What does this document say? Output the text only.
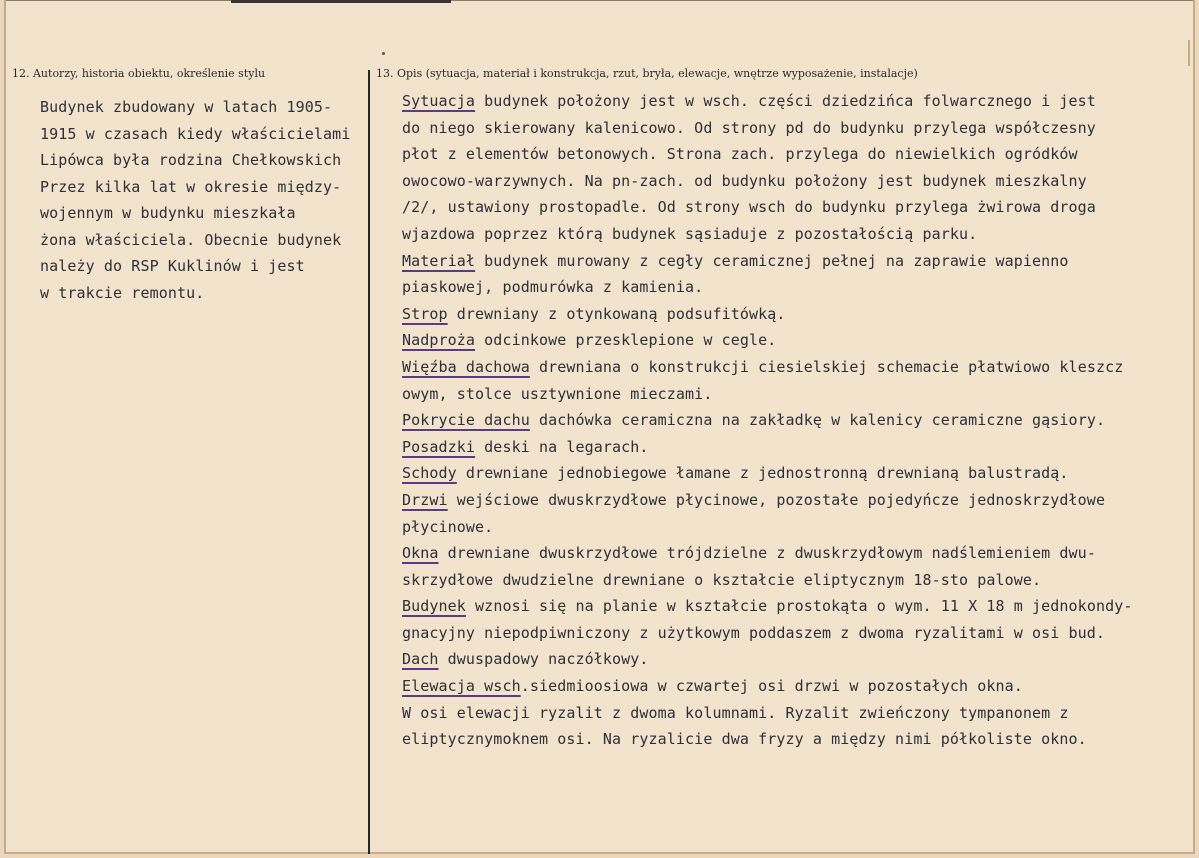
12. Autorzy, historia obiektu, określenie stylu	13. Opis (sytuacja, materiał i konstrukcja, rzut, bryła, elewacje, wnętrze wyposażenie, instalacje)
Budynek zbudowany w latach 1905-
1915 w czasach kiedy właścicielami
Lipówca była rodzina Chełkowskich
Przez kilka lat w okresie między-
wojennym w budynku mieszkała
żona właściciela. Obecnie budynek
należy do RSP Kuklinów i jest
w trakcie remontu.
Sytuacja budynek położony jest w wsch. części dziedzińca folwarcznego i jest
do niego skierowany kalenicowo. Od strony pd do budynku przylega współczesny
płot z elementów betonowych. Strona zach. przylega do niewielkich ogródków
owocowo-warzywnych. Na pn-zach. od budynku położony jest budynek mieszkalny
/2/, ustawiony prostopadle. Od strony wsch do budynku przylega żwirowa droga
wjazdowa poprzez którą budynek sąsiaduje z pozostałością parku.
Materiał budynek murowany z cegły ceramicznej pełnej na zaprawie wapienno
piaskowej, podmurówka z kamienia.
Strop drewniany z otynkowaną podsufitówką.
Nadproża odcinkowe przesklepione w cegle.
Więźba dachowa drewniana o konstrukcji ciesielskiej schemacie płatwiowo kleszcz
owym, stolce usztywnione mieczami.
Pokrycie dachu dachówka ceramiczna na zakładkę w kalenicy ceramiczne gąsiory.
Posadzki deski na legarach.
Schody drewniane jednobiegowe łamane z jednostronną drewnianą balustradą.
Drzwi wejściowe dwuskrzydłowe płycinowe, pozostałe pojedyńcze jednoskrzydłowe
płycinowe.
Okna drewniane dwuskrzydłowe trójdzielne z dwuskrzydłowym nadślemieniem dwu-
skrzydłowe dwudzielne drewniane o kształcie eliptycznym 18-sto palowe.
Budynek wznosi się na planie w kształcie prostokąta o wym. 11 X 18 m jednokondy-
gnacyjny niepodpiwniczony z użytkowym poddaszem z dwoma ryzalitami w osi bud.
Dach dwuspadowy naczółkowy.
Elewacja wsch.siedmioosiowa w czwartej osi drzwi w pozostałych okna.
W osi elewacji ryzalit z dwoma kolumnami. Ryzalit zwieńczony tympanonem z
eliptycznymoknem osi. Na ryzalicie dwa fryzy a między nimi półkoliste okno.
